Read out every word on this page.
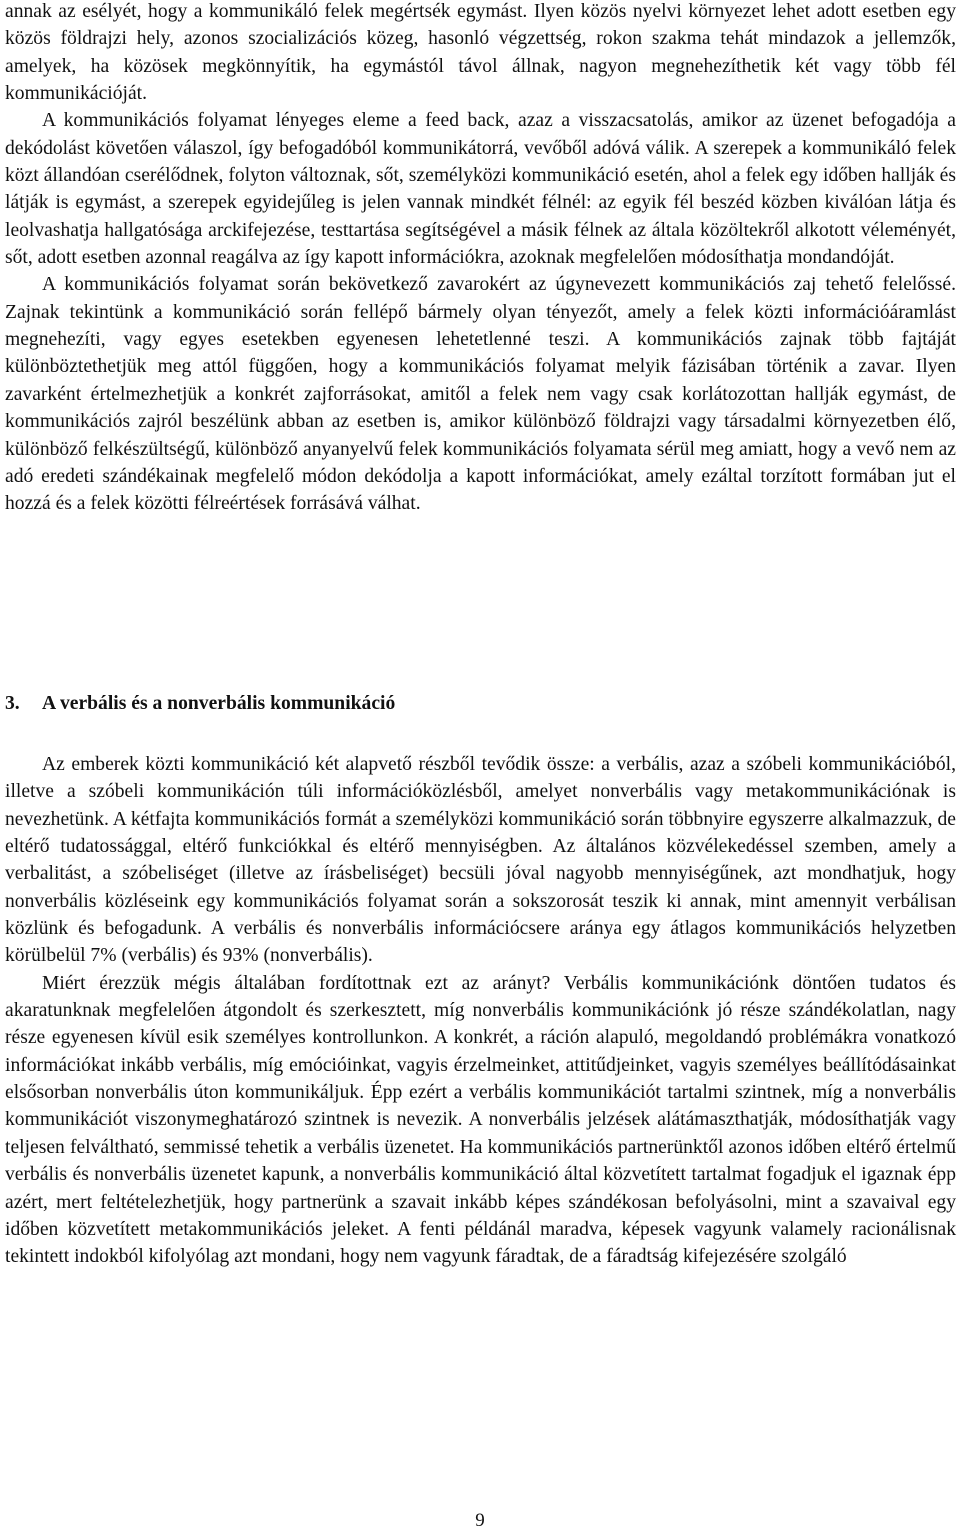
annak az esélyét, hogy a kommunikáló felek megértsék egymást. Ilyen közös nyelvi környezet lehet adott esetben egy közös földrajzi hely, azonos szocializációs közeg, hasonló végzettség, rokon szakma tehát mindazok a jellemzők, amelyek, ha közösek megkönnyítik, ha egymástól távol állnak, nagyon megnehezíthetik két vagy több fél kommunikációját.

A kommunikációs folyamat lényeges eleme a feed back, azaz a visszacsatolás, amikor az üzenet befogadója a dekódolást követően válaszol, így befogadóból kommunikátorrá, vevőből adóvá válik. A szerepek a kommunikáló felek közt állandóan cserélődnek, folyton változnak, sőt, személyközi kommunikáció esetén, ahol a felek egy időben hallják és látják is egymást, a szerepek egyidejűleg is jelen vannak mindkét félnél: az egyik fél beszéd közben kiválóan látja és leolvashatja hallgatósága arckifejezése, testtartása segítségével a másik félnek az általa közöltekről alkotott véleményét, sőt, adott esetben azonnal reagálva az így kapott információkra, azoknak megfelelően módosíthatja mondandóját.

A kommunikációs folyamat során bekövetkező zavarokért az úgynevezett kommunikációs zaj tehető felelőssé. Zajnak tekintünk a kommunikáció során fellépő bármely olyan tényezőt, amely a felek közti információáramlást megnehezíti, vagy egyes esetekben egyenesen lehetetlenné teszi. A kommunikációs zajnak több fajtáját különböztethetjük meg attól függően, hogy a kommunikációs folyamat melyik fázisában történik a zavar. Ilyen zavarként értelmezhetjük a konkrét zajforrásokat, amitől a felek nem vagy csak korlátozottan hallják egymást, de kommunikációs zajról beszélünk abban az esetben is, amikor különböző földrajzi vagy társadalmi környezetben élő, különböző felkészültségű, különböző anyanyelvű felek kommunikációs folyamata sérül meg amiatt, hogy a vevő nem az adó eredeti szándékainak megfelelő módon dekódolja a kapott információkat, amely ezáltal torzított formában jut el hozzá és a felek közötti félreértések forrásává válhat.

3. A verbális és a nonverbális kommunikáció

Az emberek közti kommunikáció két alapvető részből tevődik össze: a verbális, azaz a szóbeli kommunikációból, illetve a szóbeli kommunikáción túli információközlésből, amelyet nonverbális vagy metakommunikációnak is nevezhetünk. A kétfajta kommunikációs formát a személyközi kommunikáció során többnyire egyszerre alkalmazzuk, de eltérő tudatossággal, eltérő funkciókkal és eltérő mennyiségben. Az általános közvélekedéssel szemben, amely a verbalitást, a szóbeliséget (illetve az írásbeliséget) becsüli jóval nagyobb mennyiségűnek, azt mondhatjuk, hogy nonverbális közléseink egy kommunikációs folyamat során a sokszorosát teszik ki annak, mint amennyit verbálisan közlünk és befogadunk. A verbális és nonverbális információcsere aránya egy átlagos kommunikációs helyzetben körülbelül 7% (verbális) és 93% (nonverbális).

Miért érezzük mégis általában fordítottnak ezt az arányt? Verbális kommunikációnk döntően tudatos és akaratunknak megfelelően átgondolt és szerkesztett, míg nonverbális kommunikációnk jó része szándékolatlan, nagy része egyenesen kívül esik személyes kontrollunkon. A konkrét, a ráción alapuló, megoldandó problémákra vonatkozó információkat inkább verbális, míg emócióinkat, vagyis érzelmeinket, attitűdjeinket, vagyis személyes beállítódásainkat elsősorban nonverbális úton kommunikáljuk. Épp ezért a verbális kommunikációt tartalmi szintnek, míg a nonverbális kommunikációt viszonymeghatározó szintnek is nevezik. A nonverbális jelzések alátámaszthatják, módosíthatják vagy teljesen felváltható, semmissé tehetik a verbális üzenetet. Ha kommunikációs partnerünktől azonos időben eltérő értelmű verbális és nonverbális üzenetet kapunk, a nonverbális kommunikáció által közvetített tartalmat fogadjuk el igaznak épp azért, mert feltételezhetjük, hogy partnerünk a szavait inkább képes szándékosan befolyásolni, mint a szavaival egy időben közvetített metakommunikációs jeleket. A fenti példánál maradva, képesek vagyunk valamely racionálisnak tekintett indokból kifolyólag azt mondani, hogy nem vagyunk fáradtak, de a fáradtság kifejezésére szolgáló

9
